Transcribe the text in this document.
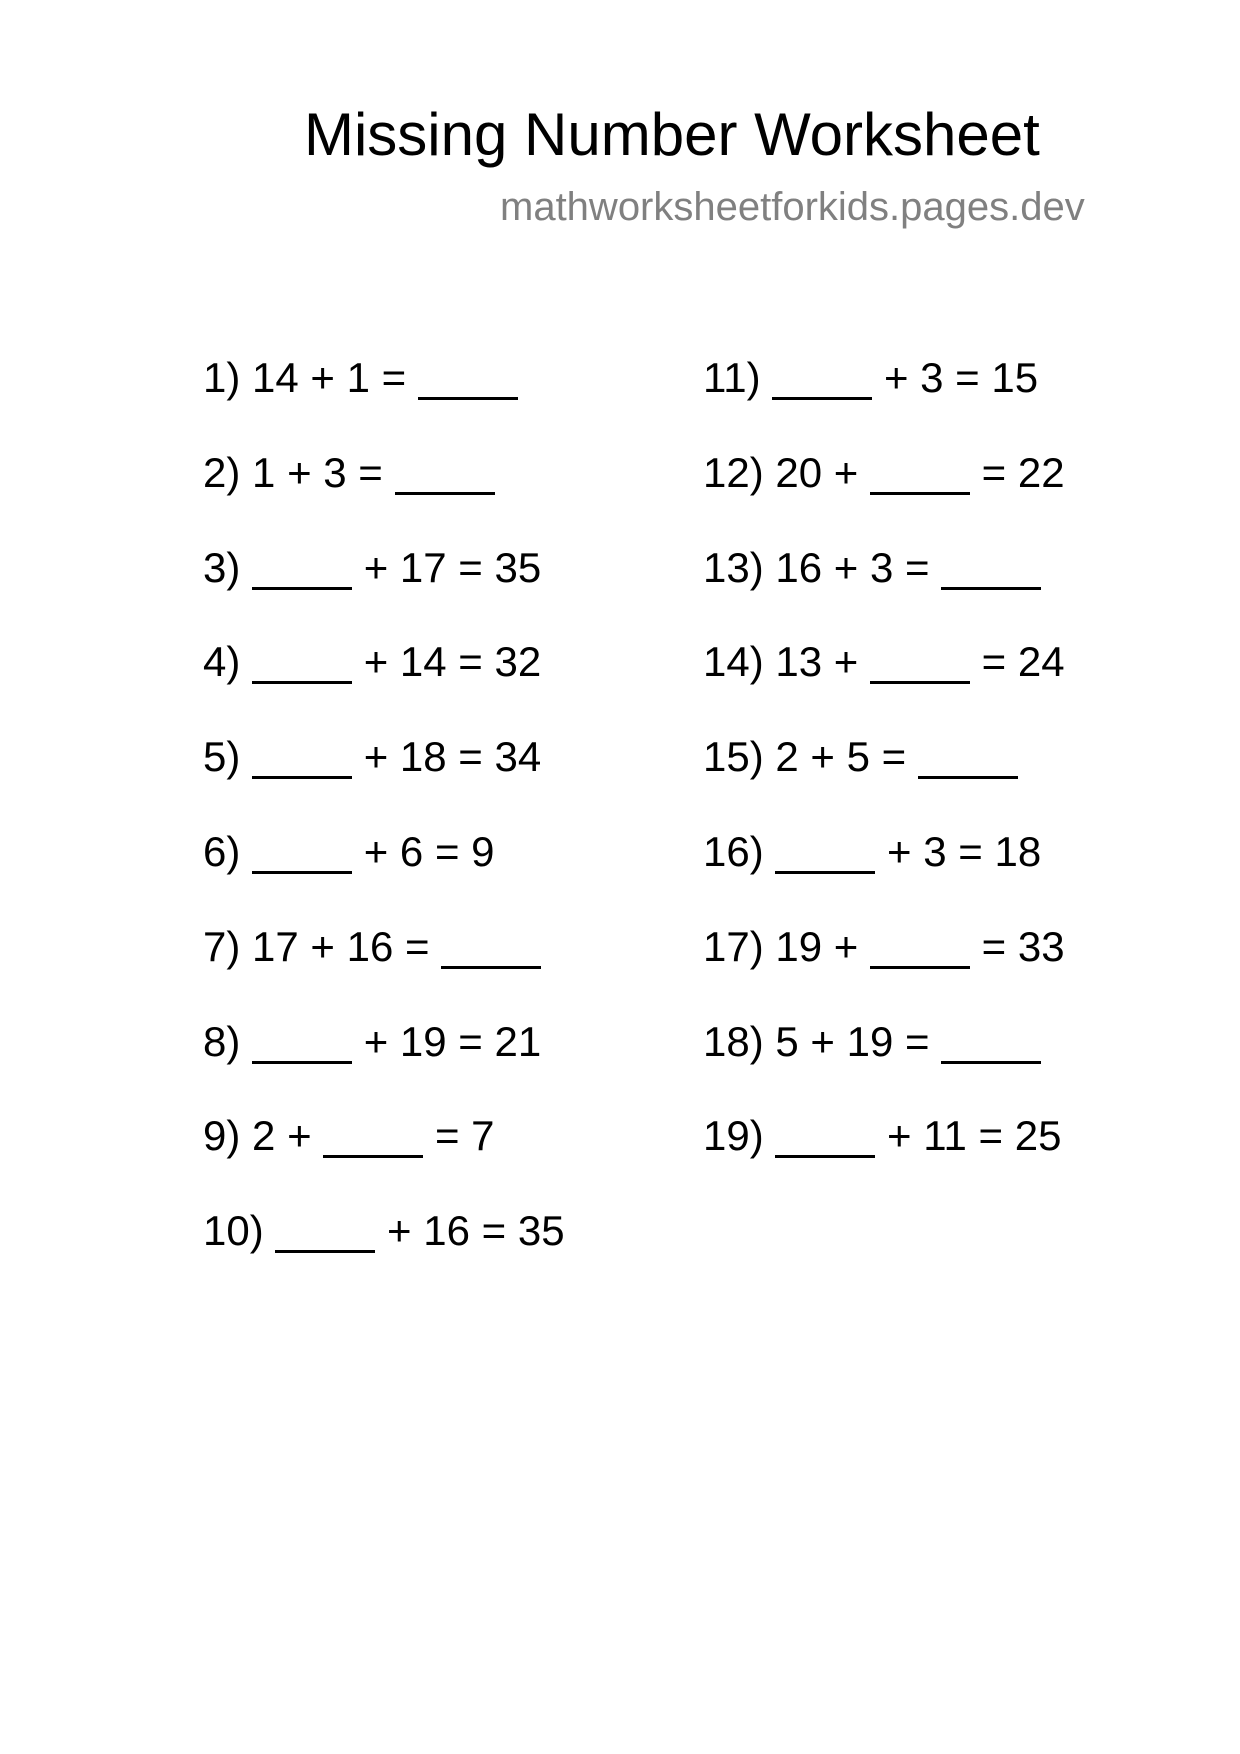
Missing Number Worksheet
mathworksheetforkids.pages.dev
1) 14 + 1 =
2) 1 + 3 =
3)	+ 17 = 35
4)	+ 14 = 32
5)	+ 18 = 34
6)	+ 6 = 9
7) 17 + 16 =
8)	+ 19 = 21
9) 2 +	= 7
10)	+ 16 = 35
11)	+ 3 = 15
12) 20 +	= 22
13) 16 + 3 =
14) 13 +	= 24
15) 2 + 5 =
16)	+ 3 = 18
17) 19 +	= 33
18) 5 + 19 =
19)	+ 11 = 25
